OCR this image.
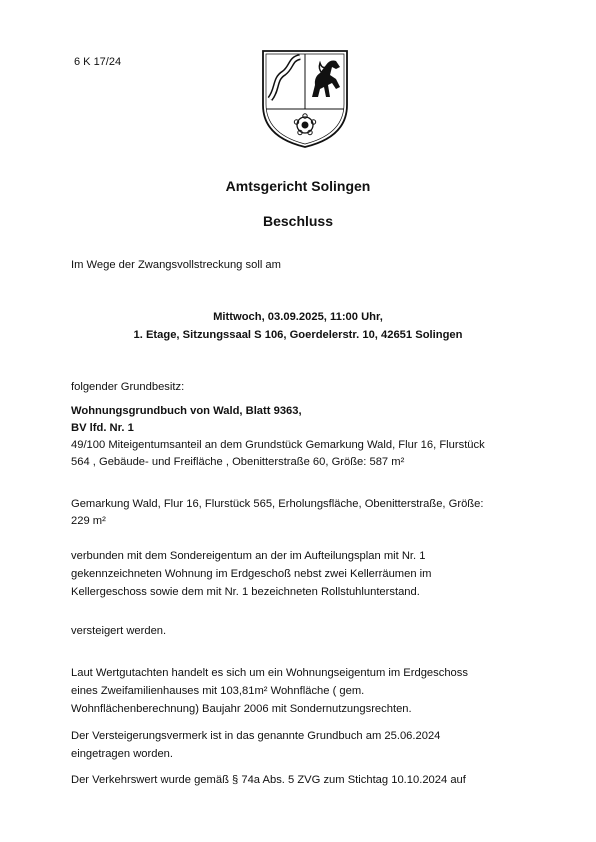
6 K 17/24
Amtsgericht Solingen
Beschluss
Im Wege der Zwangsvollstreckung soll am
Mittwoch, 03.09.2025, 11:00 Uhr,
1. Etage, Sitzungssaal S 106, Goerdelerstr. 10, 42651 Solingen
folgender Grundbesitz:
Wohnungsgrundbuch von Wald, Blatt 9363,
BV lfd. Nr. 1
49/100 Miteigentumsanteil an dem Grundstück Gemarkung Wald, Flur 16, Flurstück
564 , Gebäude- und Freifläche , Obenitterstraße 60, Größe: 587 m²
Gemarkung Wald, Flur 16, Flurstück 565, Erholungsfläche, Obenitterstraße, Größe:
229 m²
verbunden mit dem Sondereigentum an der im Aufteilungsplan mit Nr. 1
gekennzeichneten Wohnung im Erdgeschoß nebst zwei Kellerräumen im
Kellergeschoss sowie dem mit Nr. 1 bezeichneten Rollstuhlunterstand.
versteigert werden.
Laut Wertgutachten handelt es sich um ein Wohnungseigentum im Erdgeschoss
eines Zweifamilienhauses mit 103,81m² Wohnfläche ( gem.
Wohnflächenberechnung) Baujahr 2006 mit Sondernutzungsrechten.
Der Versteigerungsvermerk ist in das genannte Grundbuch am 25.06.2024
eingetragen worden.
Der Verkehrswert wurde gemäß § 74a Abs. 5 ZVG zum Stichtag 10.10.2024 auf
